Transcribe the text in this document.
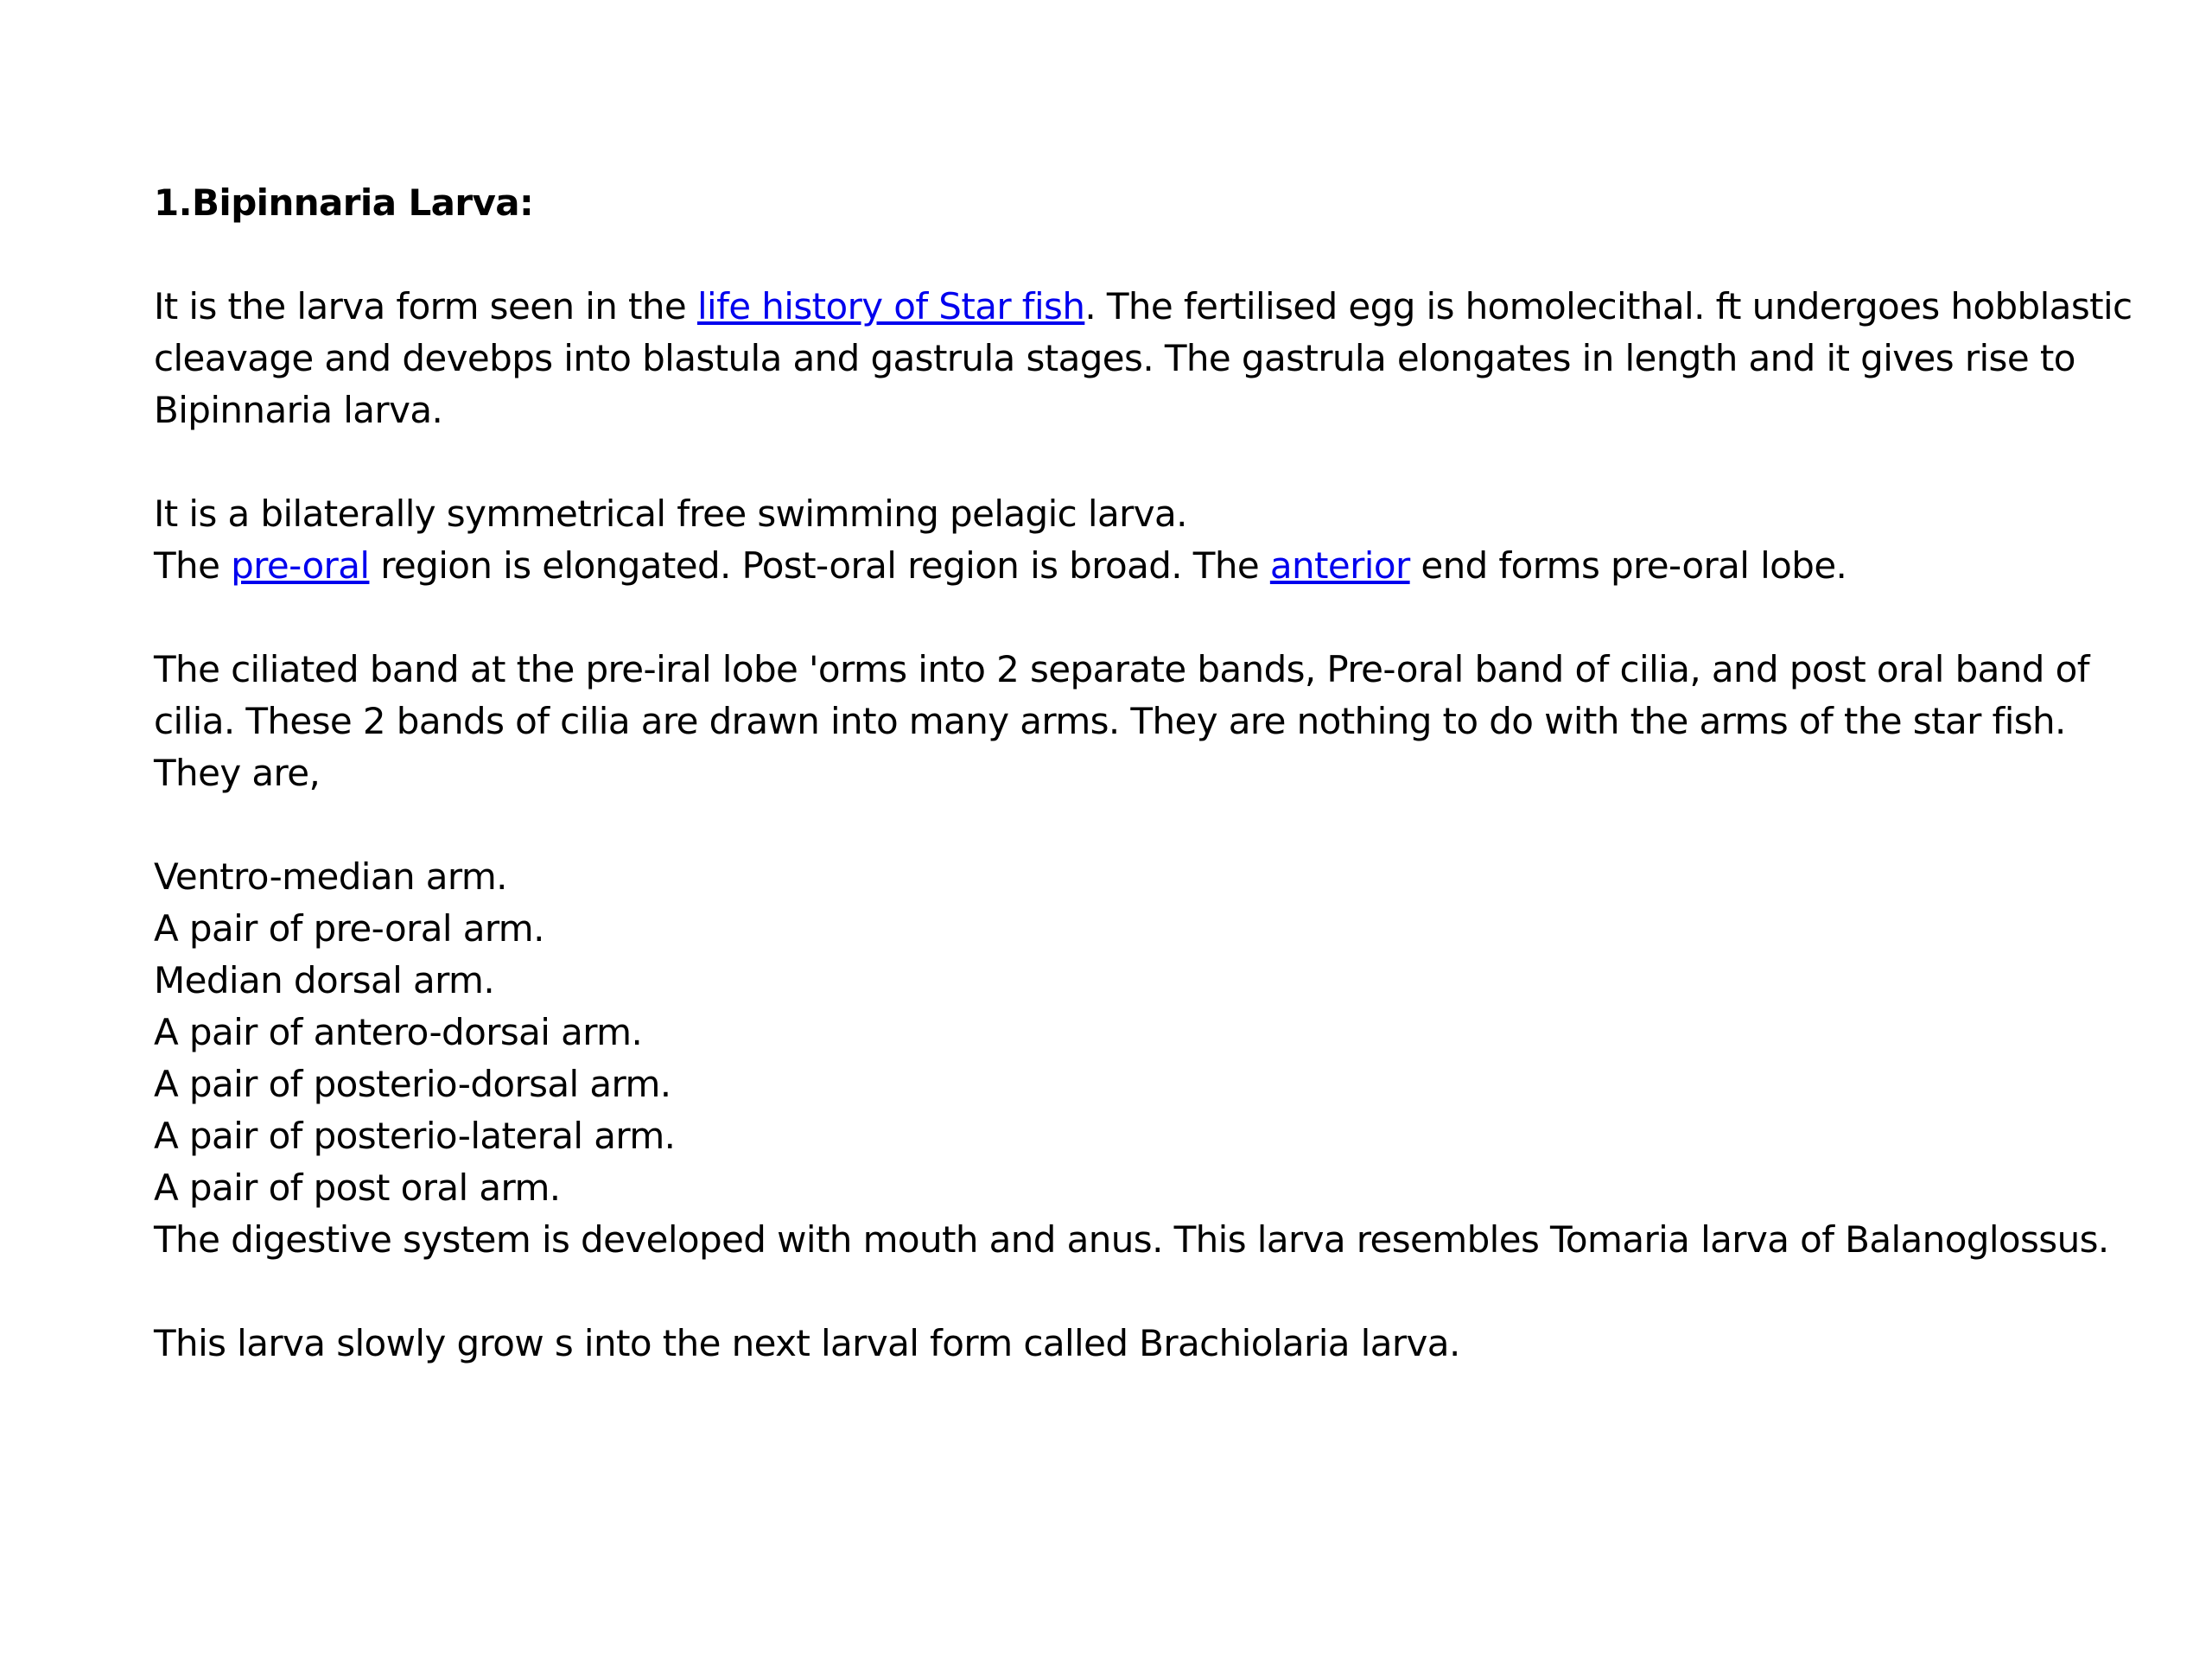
1.Bipinnaria Larva:

It is the larva form seen in the life history of Star fish. The fertilised egg is homolecithal. ft undergoes hobblastic
cleavage and devebps into blastula and gastrula stages. The gastrula elongates in length and it gives rise to
Bipinnaria larva.

It is a bilaterally symmetrical free swimming pelagic larva.
The pre-oral region is elongated. Post-oral region is broad. The anterior end forms pre-oral lobe.

The ciliated band at the pre-iral lobe 'orms into 2 separate bands, Pre-oral band of cilia, and post oral band of
cilia. These 2 bands of cilia are drawn into many arms. They are nothing to do with the arms of the star fish.
They are,

Ventro-median arm.
A pair of pre-oral arm.
Median dorsal arm.
A pair of antero-dorsai arm.
A pair of posterio-dorsal arm.
A pair of posterio-lateral arm.
A pair of post oral arm.
The digestive system is developed with mouth and anus. This larva resembles Tomaria larva of Balanoglossus.

This larva slowly grow s into the next larval form called Brachiolaria larva.
